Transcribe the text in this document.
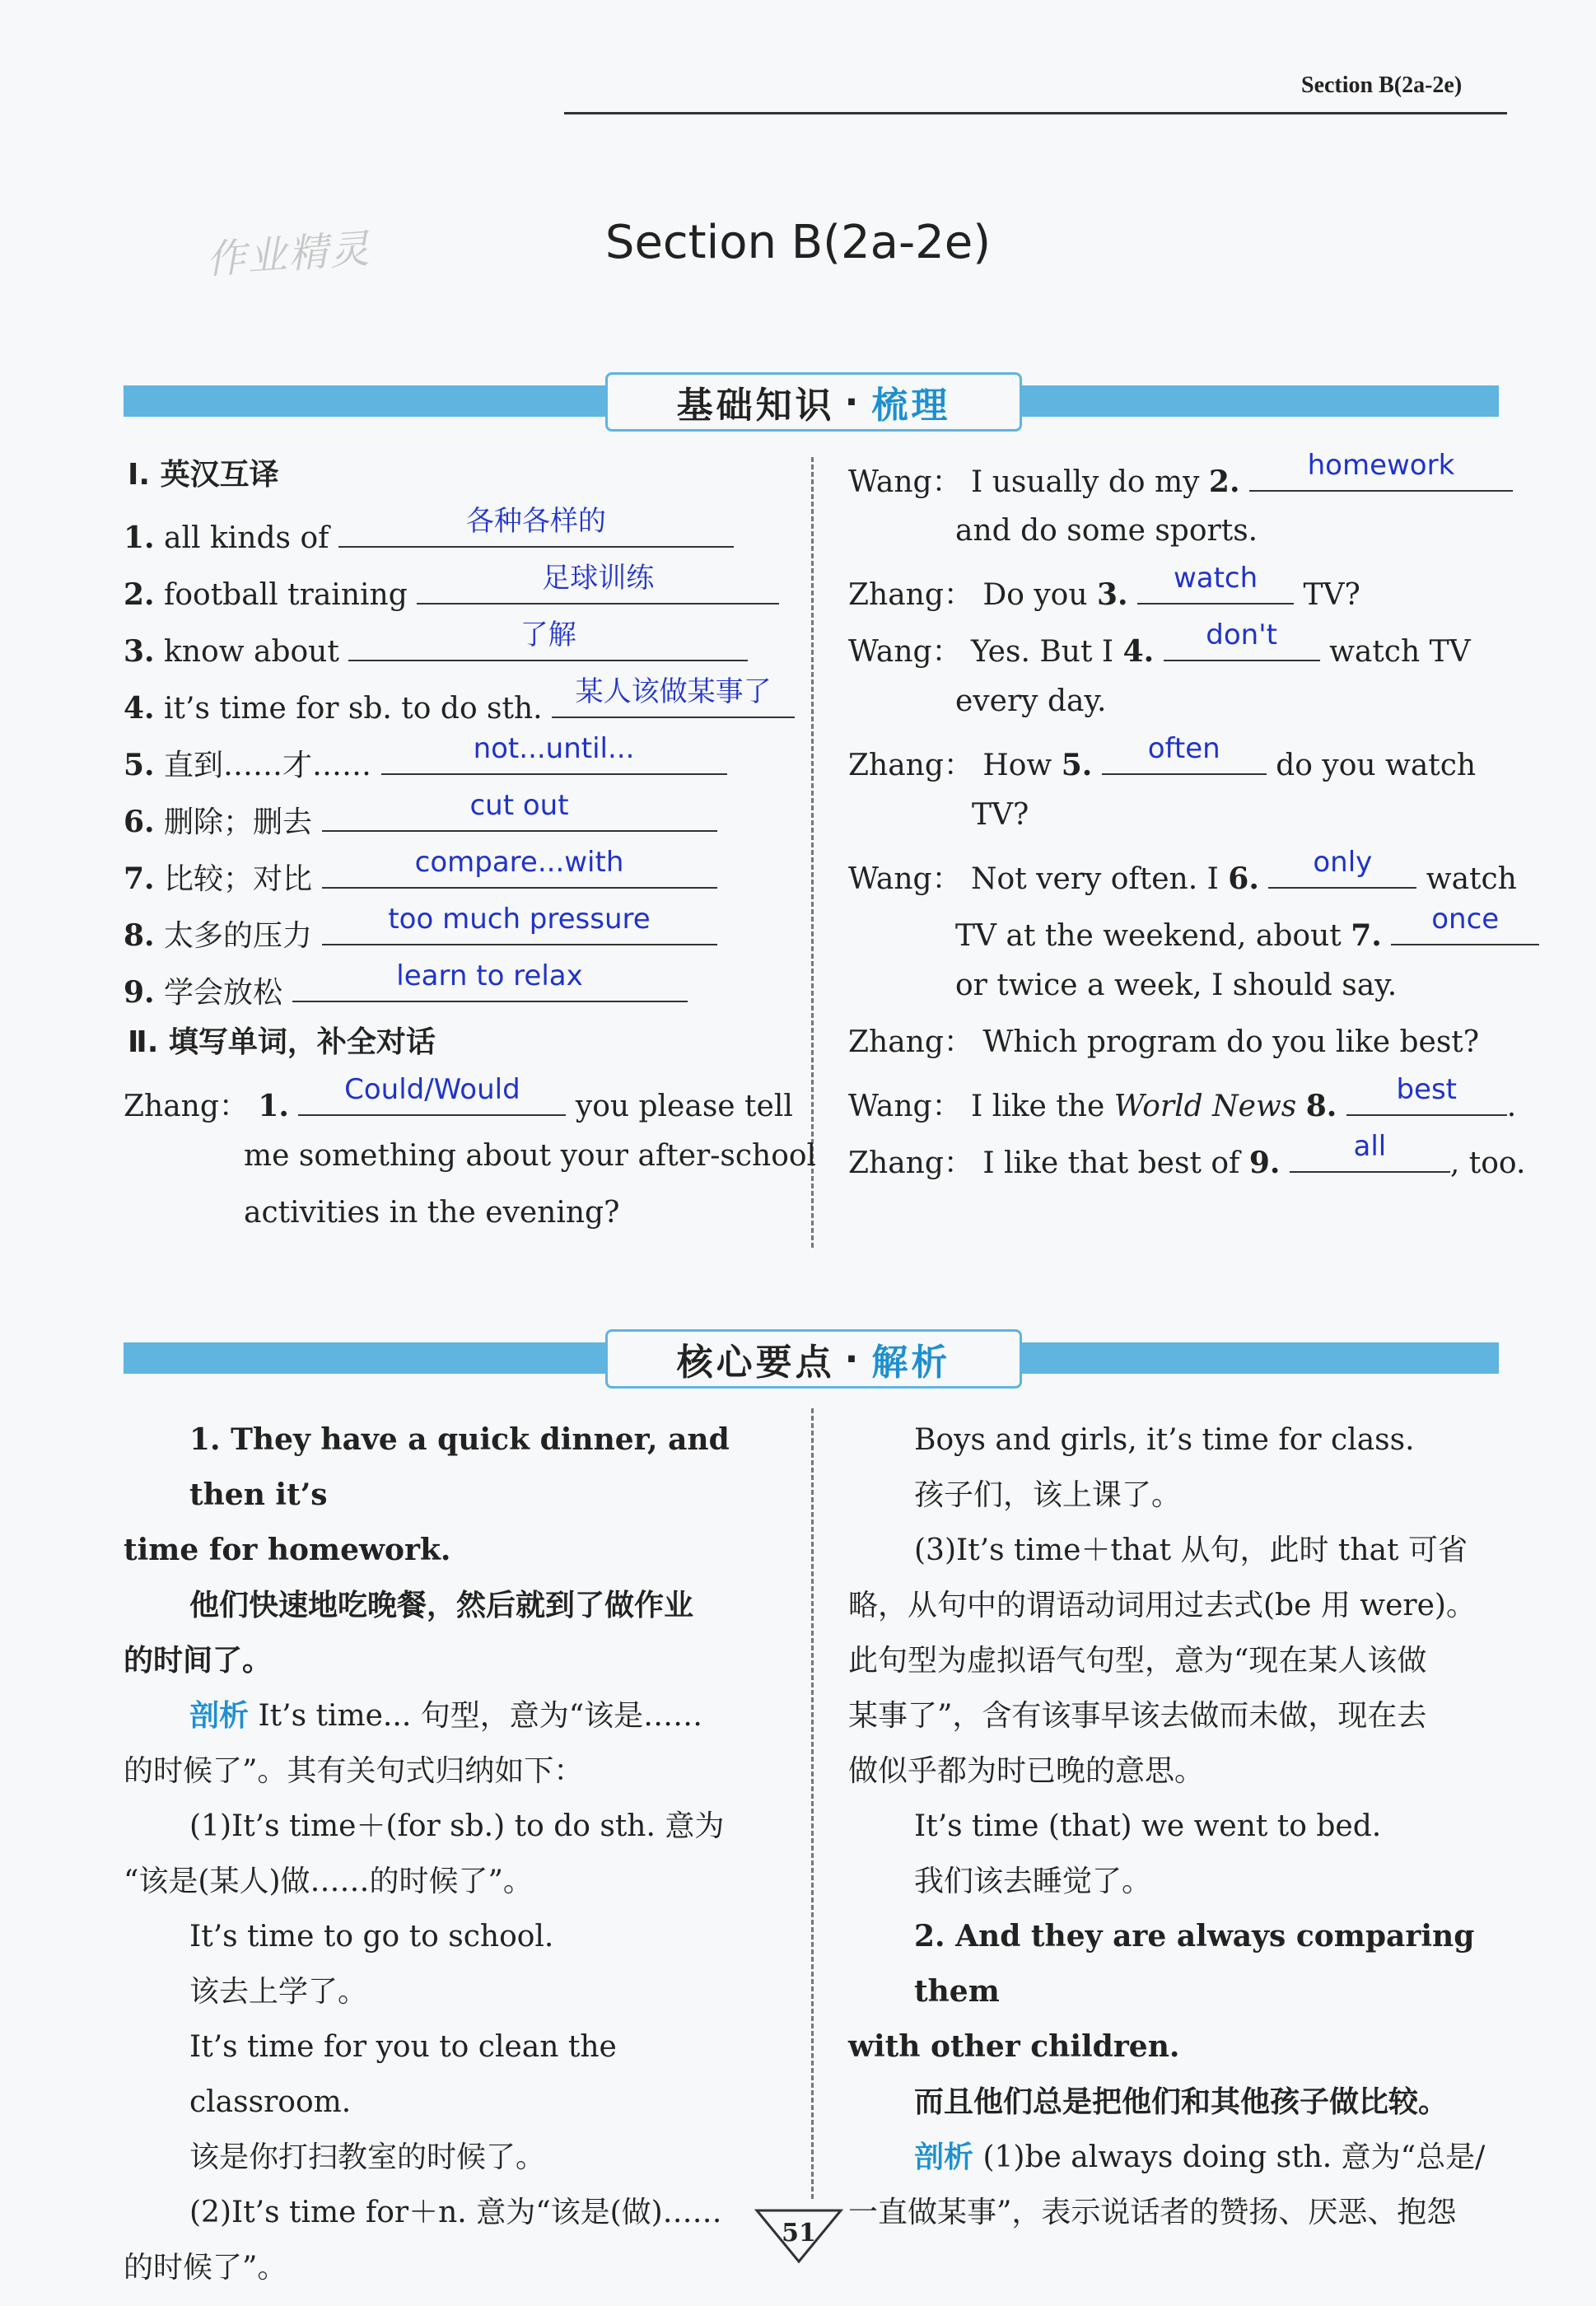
Section B(2a-2e)
作业精灵	Section B(2a-2e)
基础知识 · 梳理
Ⅰ. 英汉互译
1. all kinds of	各种各样的
2. football training	足球训练
3. know about	了解
4. it’s time for sb. to do sth.	某人该做某事了
5. 直到……才……	not...until...
6. 删除；删去	cut out
7. 比较；对比	compare...with
8. 太多的压力	too much pressure
9. 学会放松	learn to relax
Ⅱ. 填写单词，补全对话
Zhang： 1.	Could/Would	you please tell
me something about your after-school
activities in the evening?
Wang： I usually do my 2.	homework
and do some sports.
Zhang： Do you 3.	watch	TV?
Wang： Yes. But I 4.	don't	watch TV
every day.
Zhang： How 5.	often	do you watch
TV?
Wang： Not very often. I 6.	only	watch
TV at the weekend, about 7.	once
or twice a week, I should say.
Zhang： Which program do you like best?
Wang： I like the World News 8.	best	.
Zhang： I like that best of 9.	all	, too.
核心要点 · 解析
1. They have a quick dinner, and then it’s
time for homework.
他们快速地吃晚餐，然后就到了做作业
的时间了。
剖析 It’s time... 句型，意为“该是……
的时候了”。其有关句式归纳如下：
(1)It’s time＋(for sb.) to do sth. 意为
“该是(某人)做……的时候了”。
It’s time to go to school.
该去上学了。
It’s time for you to clean the classroom.
该是你打扫教室的时候了。
(2)It’s time for＋n. 意为“该是(做)……
的时候了”。
Boys and girls, it’s time for class.
孩子们，该上课了。
(3)It’s time＋that 从句，此时 that 可省
略，从句中的谓语动词用过去式(be 用 were)。
此句型为虚拟语气句型，意为“现在某人该做
某事了”，含有该事早该去做而未做，现在去
做似乎都为时已晚的意思。
It’s time (that) we went to bed.
我们该去睡觉了。
2. And they are always comparing them
with other children.
而且他们总是把他们和其他孩子做比较。
剖析 (1)be always doing sth. 意为“总是/
一直做某事”，表示说话者的赞扬、厌恶、抱怨
51
